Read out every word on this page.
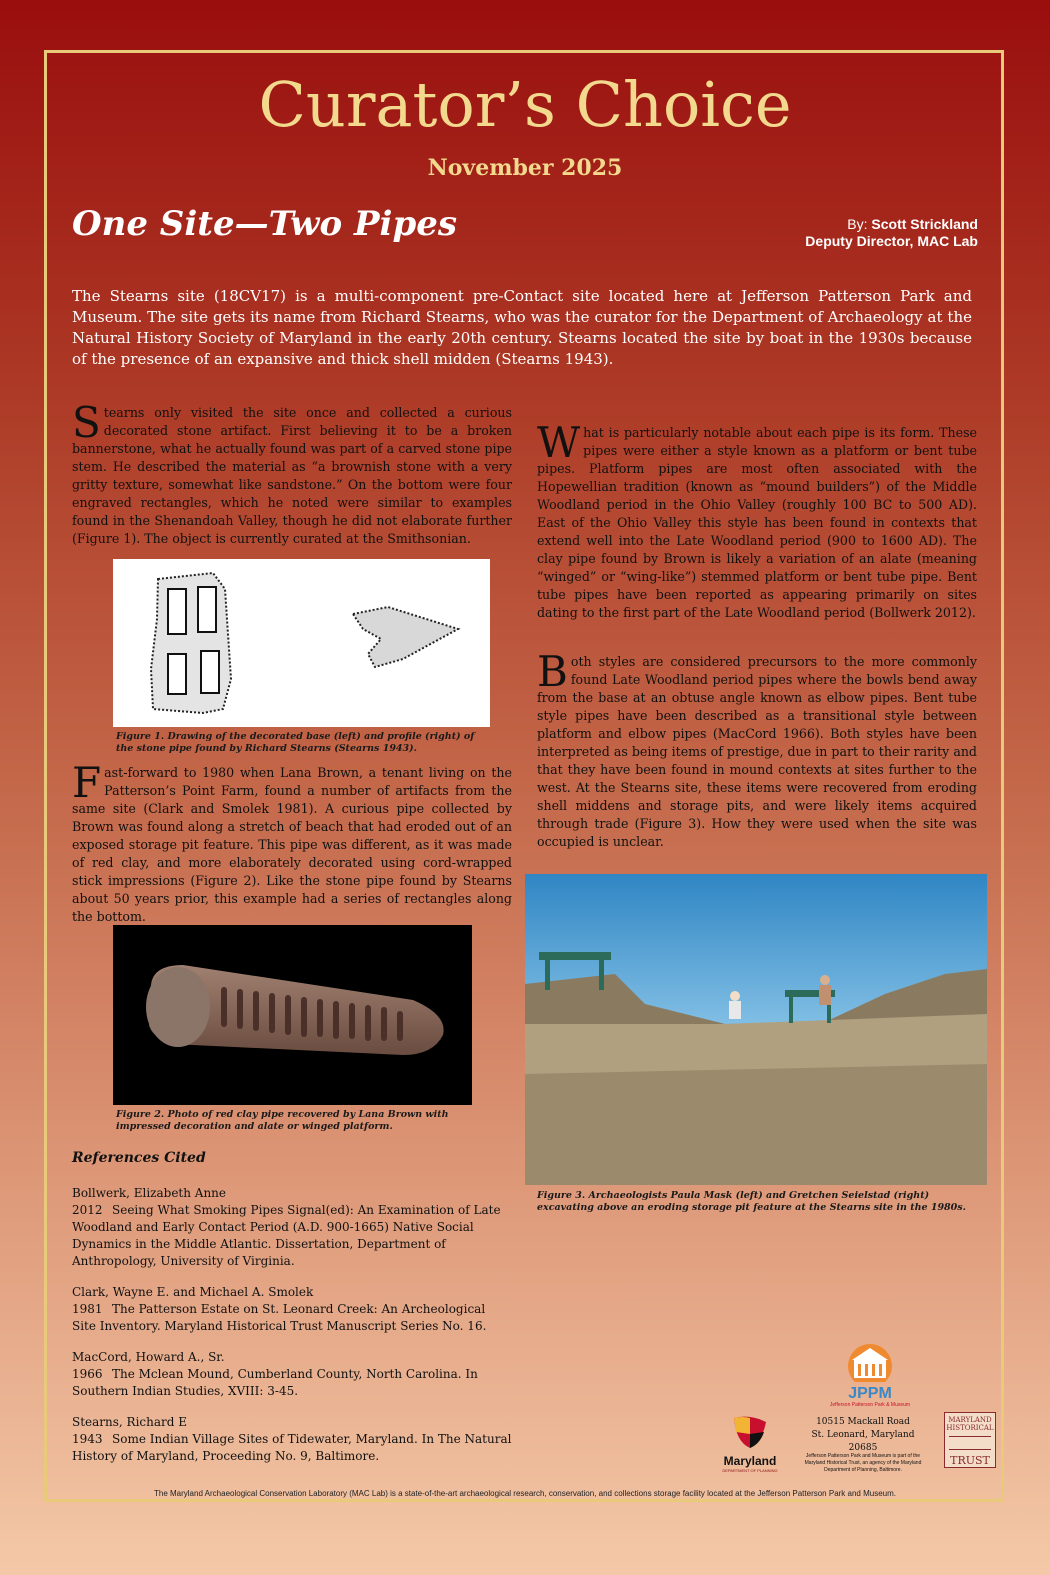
Curator’s Choice
November 2025
One Site—Two Pipes	By: Scott Strickland
Deputy Director, MAC Lab
The Stearns site (18CV17) is a multi-component pre-Contact site located here at Jefferson Patterson Park and Museum. The site gets its name from Richard Stearns, who was the curator for the Department of Archaeology at the Natural History Society of Maryland in the early 20th century. Stearns located the site by boat in the 1930s because of the presence of an expansive and thick shell midden (Stearns 1943).
Stearns only visited the site once and collected a curious decorated stone artifact. First believing it to be a broken bannerstone, what he actually found was part of a carved stone pipe stem. He described the material as “a brownish stone with a very gritty texture, somewhat like sandstone.” On the bottom were four engraved rectangles, which he noted were similar to examples found in the Shenandoah Valley, though he did not elaborate further (Figure 1). The object is currently curated at the Smithsonian.
Figure 1. Drawing of the decorated base (left) and profile (right) of the stone pipe found by Richard Stearns (Stearns 1943).
Fast-forward to 1980 when Lana Brown, a tenant living on the Patterson’s Point Farm, found a number of artifacts from the same site (Clark and Smolek 1981). A curious pipe collected by Brown was found along a stretch of beach that had eroded out of an exposed storage pit feature. This pipe was different, as it was made of red clay, and more elaborately decorated using cord-wrapped stick impressions (Figure 2). Like the stone pipe found by Stearns about 50 years prior, this example had a series of rectangles along the bottom.
Figure 2. Photo of red clay pipe recovered by Lana Brown with impressed decoration and alate or winged platform.
What is particularly notable about each pipe is its form. These pipes were either a style known as a platform or bent tube pipes. Platform pipes are most often associated with the Hopewellian tradition (known as “mound builders”) of the Middle Woodland period in the Ohio Valley (roughly 100 BC to 500 AD). East of the Ohio Valley this style has been found in contexts that extend well into the Late Woodland period (900 to 1600 AD). The clay pipe found by Brown is likely a variation of an alate (meaning “winged” or “wing-like”) stemmed platform or bent tube pipe. Bent tube pipes have been reported as appearing primarily on sites dating to the first part of the Late Woodland period (Bollwerk 2012).
Both styles are considered precursors to the more commonly found Late Woodland period pipes where the bowls bend away from the base at an obtuse angle known as elbow pipes. Bent tube style pipes have been described as a transitional style between platform and elbow pipes (MacCord 1966). Both styles have been interpreted as being items of prestige, due in part to their rarity and that they have been found in mound contexts at sites further to the west. At the Stearns site, these items were recovered from eroding shell middens and storage pits, and were likely items acquired through trade (Figure 3). How they were used when the site was occupied is unclear.
Figure 3. Archaeologists Paula Mask (left) and Gretchen Seielstad (right) excavating above an eroding storage pit feature at the Stearns site in the 1980s.
References Cited
Bollwerk, Elizabeth Anne
2012 Seeing What Smoking Pipes Signal(ed): An Examination of Late Woodland and Early Contact Period (A.D. 900-1665) Native Social Dynamics in the Middle Atlantic. Dissertation, Department of Anthropology, University of Virginia.
Clark, Wayne E. and Michael A. Smolek
1981 The Patterson Estate on St. Leonard Creek: An Archeological Site Inventory. Maryland Historical Trust Manuscript Series No. 16.
MacCord, Howard A., Sr.
1966 The Mclean Mound, Cumberland County, North Carolina. In Southern Indian Studies, XVIII: 3-45.
Stearns, Richard E
1943 Some Indian Village Sites of Tidewater, Maryland. In The Natural History of Maryland, Proceeding No. 9, Baltimore.	Maryland
DEPARTMENT OF PLANNING
JPPM
Jefferson Patterson Park & Museum
10515 Mackall Road
St. Leonard, Maryland 20685
Jefferson Patterson Park and Museum is part of the Maryland Historical Trust, an agency of the Maryland Department of Planning, Baltimore.
MARYLAND HISTORICAL
TRUST
The Maryland Archaeological Conservation Laboratory (MAC Lab) is a state-of-the-art archaeological research, conservation, and collections storage facility located at the Jefferson Patterson Park and Museum.
